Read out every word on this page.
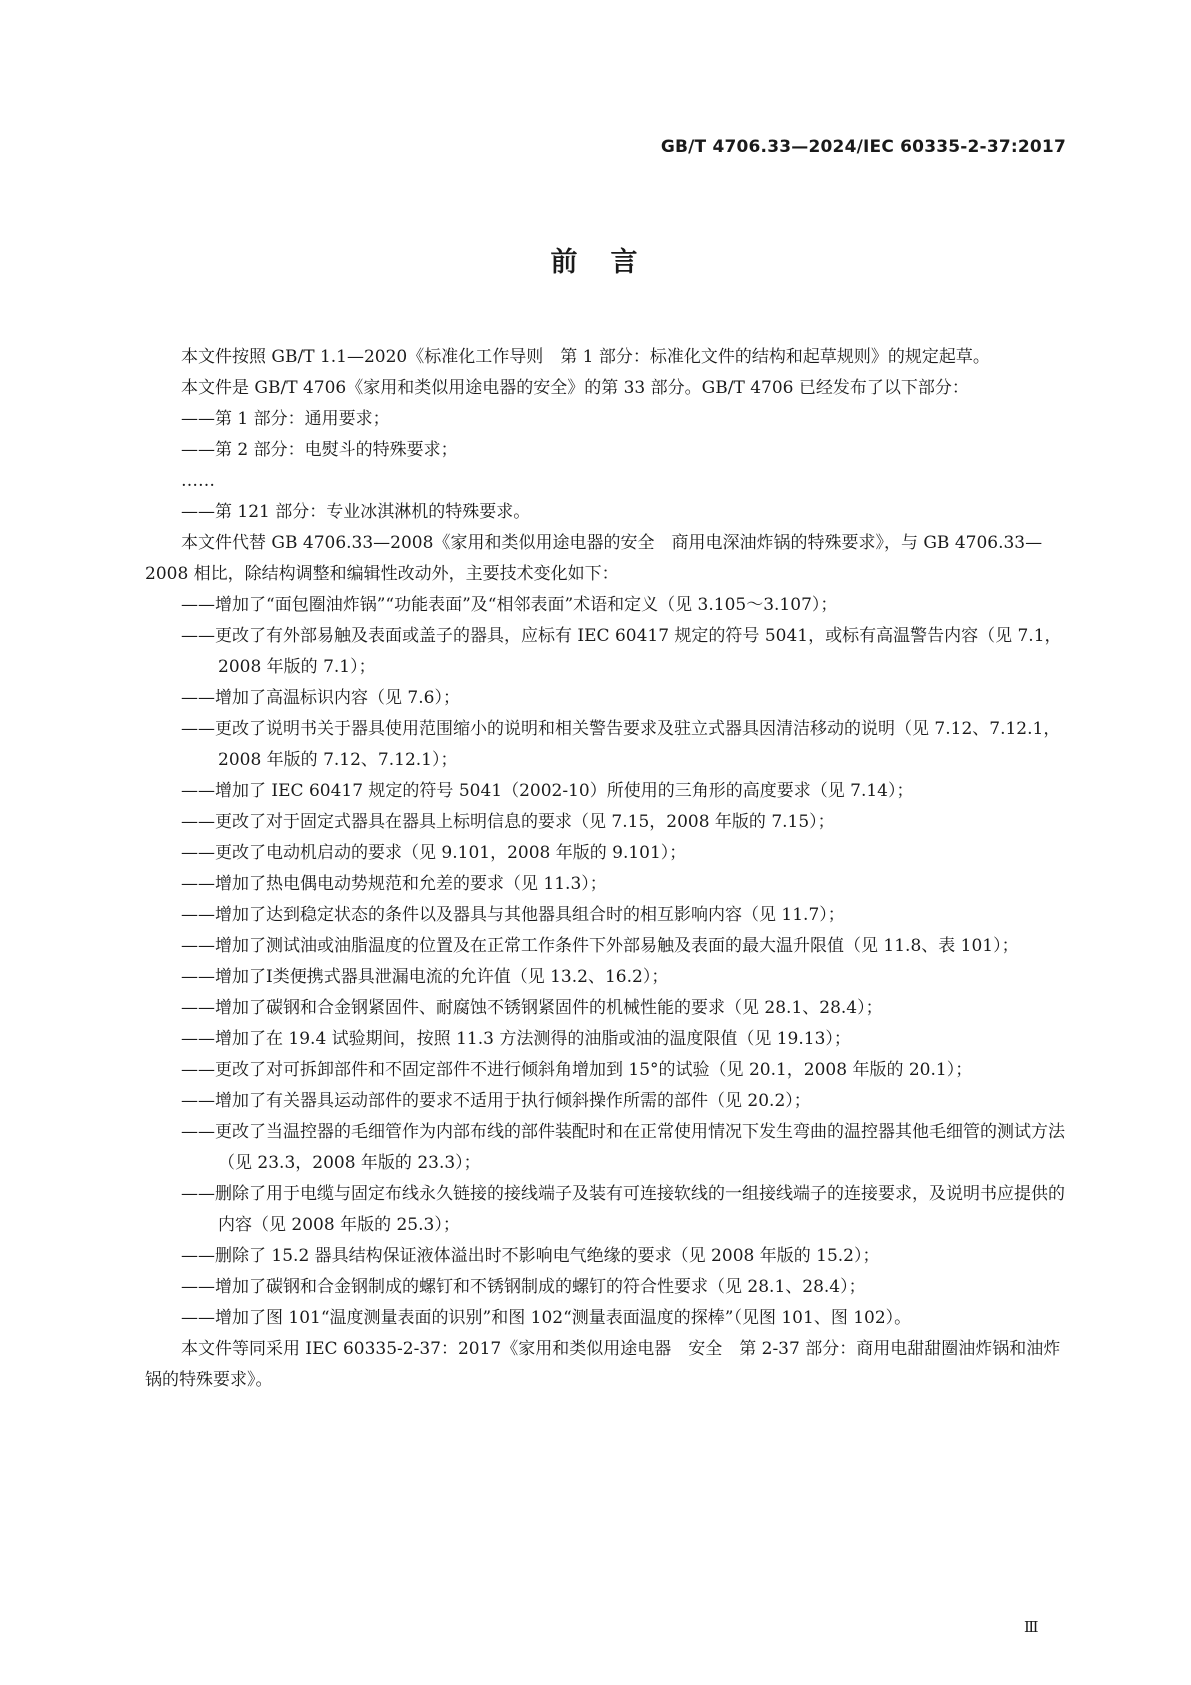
GB/T 4706.33—2024/IEC 60335-2-37:2017
前　言

本文件按照 GB/T 1.1—2020《标准化工作导则　第 1 部分：标准化文件的结构和起草规则》的规定起草。

本文件是 GB/T 4706《家用和类似用途电器的安全》的第 33 部分。GB/T 4706 已经发布了以下部分：

——第 1 部分：通用要求；

——第 2 部分：电熨斗的特殊要求；

……

——第 121 部分：专业冰淇淋机的特殊要求。

本文件代替 GB 4706.33—2008《家用和类似用途电器的安全　商用电深油炸锅的特殊要求》，与 GB 4706.33—2008 相比，除结构调整和编辑性改动外，主要技术变化如下：

——增加了“面包圈油炸锅”“功能表面”及“相邻表面”术语和定义（见 3.105～3.107）；

——更改了有外部易触及表面或盖子的器具，应标有 IEC 60417 规定的符号 5041，或标有高温警告内容（见 7.1，2008 年版的 7.1）；

——增加了高温标识内容（见 7.6）；

——更改了说明书关于器具使用范围缩小的说明和相关警告要求及驻立式器具因清洁移动的说明（见 7.12、7.12.1，2008 年版的 7.12、7.12.1）；

——增加了 IEC 60417 规定的符号 5041（2002-10）所使用的三角形的高度要求（见 7.14）；

——更改了对于固定式器具在器具上标明信息的要求（见 7.15，2008 年版的 7.15）；

——更改了电动机启动的要求（见 9.101，2008 年版的 9.101）；

——增加了热电偶电动势规范和允差的要求（见 11.3）；

——增加了达到稳定状态的条件以及器具与其他器具组合时的相互影响内容（见 11.7）；

——增加了测试油或油脂温度的位置及在正常工作条件下外部易触及表面的最大温升限值（见 11.8、表 101）；

——增加了Ⅰ类便携式器具泄漏电流的允许值（见 13.2、16.2）；

——增加了碳钢和合金钢紧固件、耐腐蚀不锈钢紧固件的机械性能的要求（见 28.1、28.4）；

——增加了在 19.4 试验期间，按照 11.3 方法测得的油脂或油的温度限值（见 19.13）；

——更改了对可拆卸部件和不固定部件不进行倾斜角增加到 15°的试验（见 20.1，2008 年版的 20.1）；

——增加了有关器具运动部件的要求不适用于执行倾斜操作所需的部件（见 20.2）；

——更改了当温控器的毛细管作为内部布线的部件装配时和在正常使用情况下发生弯曲的温控器其他毛细管的测试方法（见 23.3，2008 年版的 23.3）；

——删除了用于电缆与固定布线永久链接的接线端子及装有可连接软线的一组接线端子的连接要求，及说明书应提供的内容（见 2008 年版的 25.3）；

——删除了 15.2 器具结构保证液体溢出时不影响电气绝缘的要求（见 2008 年版的 15.2）；

——增加了碳钢和合金钢制成的螺钉和不锈钢制成的螺钉的符合性要求（见 28.1、28.4）；

——增加了图 101“温度测量表面的识别”和图 102“测量表面温度的探棒”（见图 101、图 102）。

本文件等同采用 IEC 60335-2-37：2017《家用和类似用途电器　安全　第 2-37 部分：商用电甜甜圈油炸锅和油炸锅的特殊要求》。

Ⅲ
